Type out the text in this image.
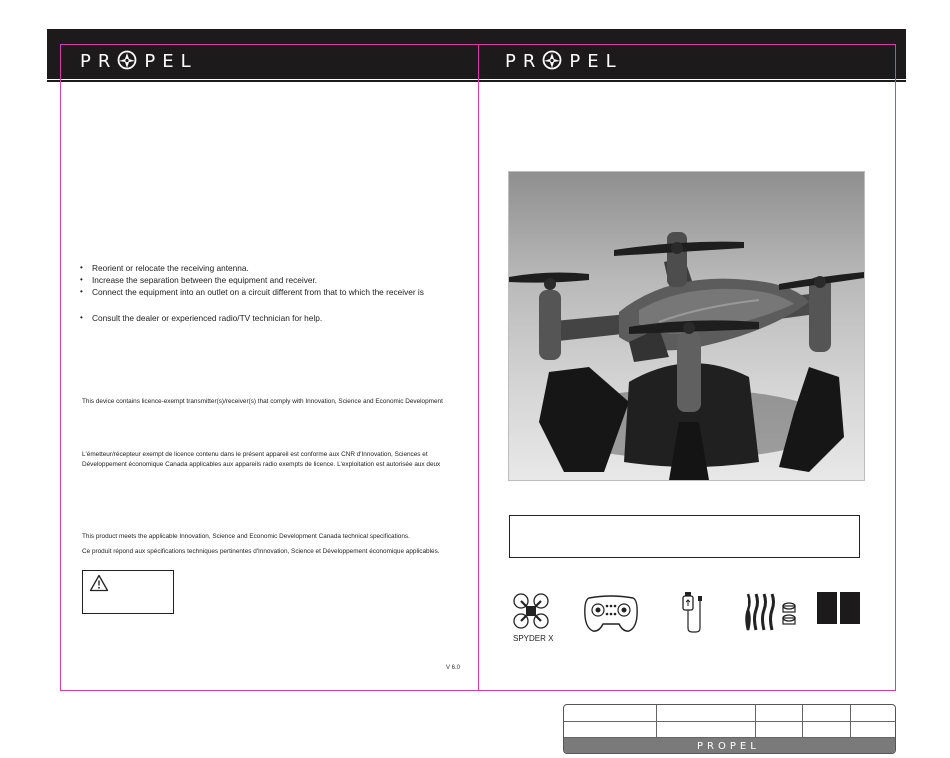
PR PEL	PR PEL
• Reorient or relocate the receiving antenna.
• Increase the separation between the equipment and receiver.
• Connect the equipment into an outlet on a circuit different from that to which the receiver is
• Consult the dealer or experienced radio/TV technician for help.
This device contains licence-exempt transmitter(s)/receiver(s) that comply with Innovation, Science and Economic Development
L'émetteur/récepteur exempt de licence contenu dans le présent appareil est conforme aux CNR d'Innovation, Sciences et
Développement économique Canada applicables aux appareils radio exempts de licence. L'exploitation est autorisée aux deux
This product meets the applicable Innovation, Science and Economic Development Canada technical specifications.
Ce produit répond aux spécifications techniques pertinentes d'Innovation, Science et Développement économique applicables.
V 6.0
SPYDER X
PROPEL
